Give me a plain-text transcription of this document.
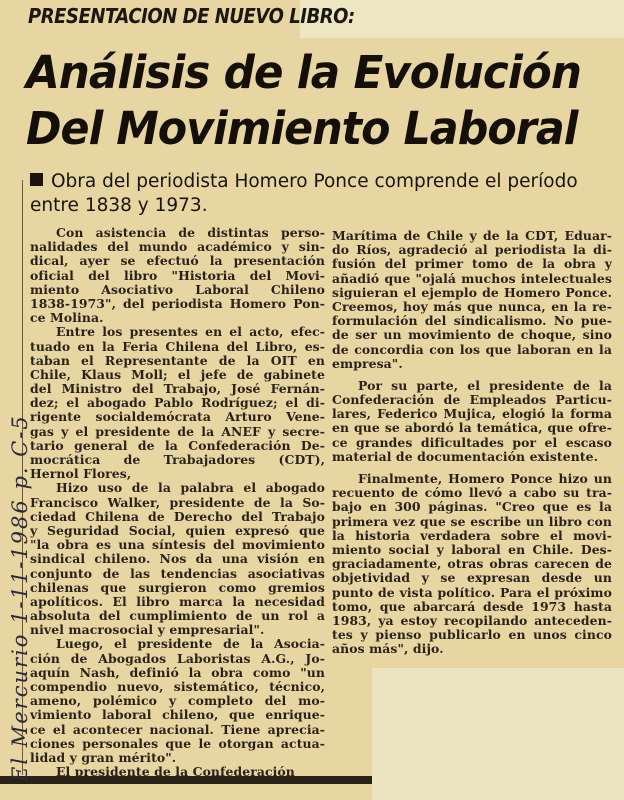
PRESENTACION DE NUEVO LIBRO:
Análisis de la Evolución
Del Movimiento Laboral
Obra del periodista Homero Ponce comprende el período entre 1838 y 1973.
Con asistencia de distintas perso-
nalidades del mundo académico y sin-
dical, ayer se efectuó la presentación
oficial del libro "Historia del Movi-
miento Asociativo Laboral Chileno
1838-1973", del periodista Homero Pon-
ce Molina.
Entre los presentes en el acto, efec-
tuado en la Feria Chilena del Libro, es-
taban el Representante de la OIT en
Chile, Klaus Moll; el jefe de gabinete
del Ministro del Trabajo, José Fernán-
dez; el abogado Pablo Rodríguez; el di-
rigente socialdemócrata Arturo Vene-
gas y el presidente de la ANEF y secre-
tario general de la Confederación De-
mocrática de Trabajadores (CDT),
Hernol Flores,
Hizo uso de la palabra el abogado
Francisco Walker, presidente de la So-
ciedad Chilena de Derecho del Trabajo
y Seguridad Social, quien expresó que
"la obra es una síntesis del movimiento
sindical chileno. Nos da una visión en
conjunto de las tendencias asociativas
chilenas que surgieron como gremios
apolíticos. El libro marca la necesidad
absoluta del cumplimiento de un rol a
nivel macrosocial y empresarial".
Luego, el presidente de la Asocia-
ción de Abogados Laboristas A.G., Jo-
aquín Nash, definió la obra como "un
compendio nuevo, sistemático, técnico,
ameno, polémico y completo del mo-
vimiento laboral chileno, que enrique-
ce el acontecer nacional. Tiene aprecia-
ciones personales que le otorgan actua-
lidad y gran mérito".
El presidente de la Confederación
Marítima de Chile y de la CDT, Eduar-
do Ríos, agradeció al periodista la di-
fusión del primer tomo de la obra y
añadió que "ojalá muchos intelectuales
siguieran el ejemplo de Homero Ponce.
Creemos, hoy más que nunca, en la re-
formulación del sindicalismo. No pue-
de ser un movimiento de choque, sino
de concordia con los que laboran en la
empresa".
Por su parte, el presidente de la
Confederación de Empleados Particu-
lares, Federico Mujica, elogió la forma
en que se abordó la temática, que ofre-
ce grandes dificultades por el escaso
material de documentación existente.
Finalmente, Homero Ponce hizo un
recuento de cómo llevó a cabo su tra-
bajo en 300 páginas. "Creo que es la
primera vez que se escribe un libro con
la historia verdadera sobre el movi-
miento social y laboral en Chile. Des-
graciadamente, otras obras carecen de
objetividad y se expresan desde un
punto de vista político. Para el próximo
tomo, que abarcará desde 1973 hasta
1983, ya estoy recopilando anteceden-
tes y pienso publicarlo en unos cinco
años más", dijo.
El Mercurio 1-11-1986 p. C-5
